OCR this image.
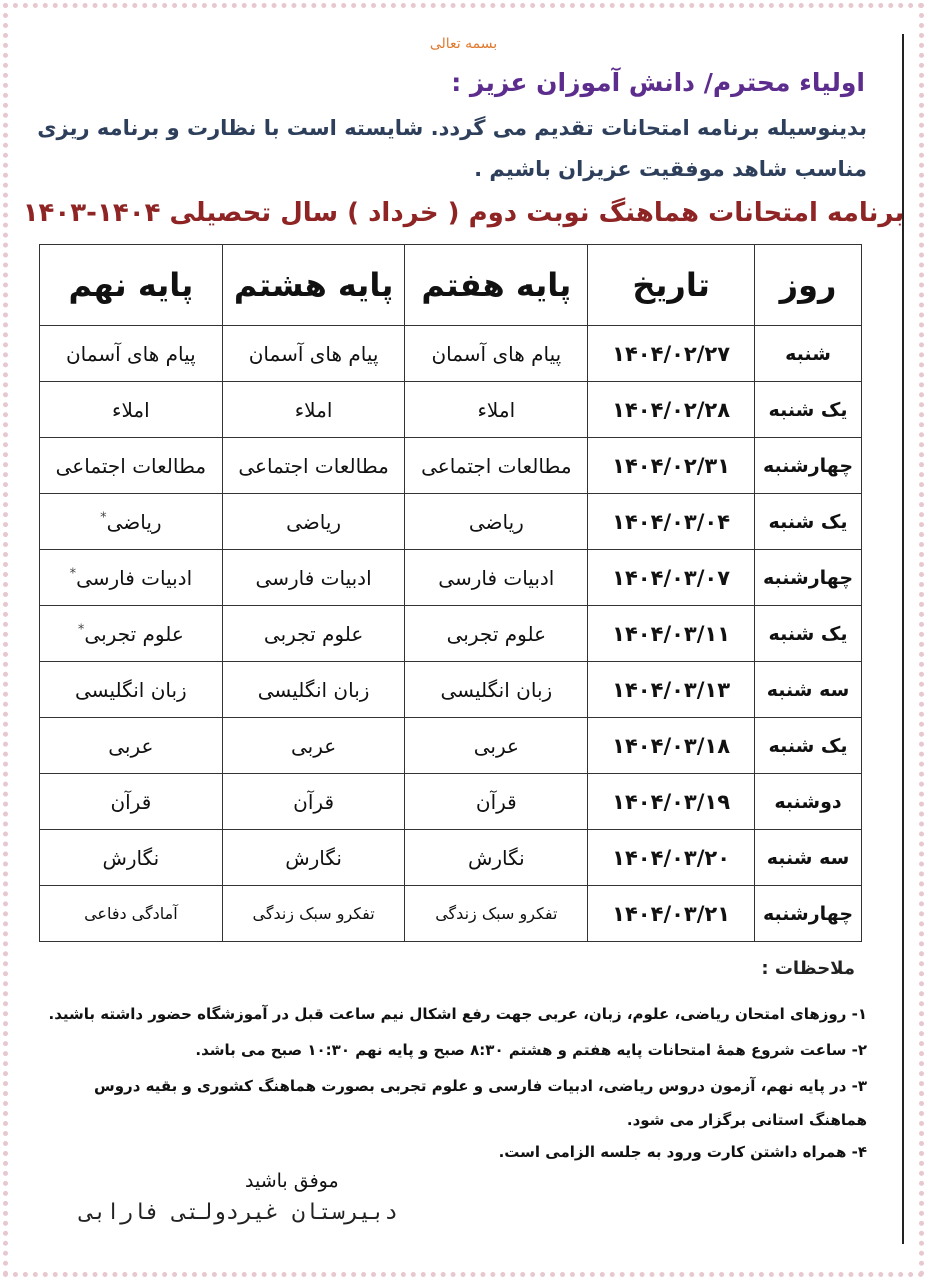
بسمه تعالی
اولیاء محترم/ دانش آموزان عزیز :
بدینوسیله برنامه امتحانات تقدیم می گردد. شایسته است با نظارت و برنامه ریزی
مناسب شاهد موفقیت عزیزان باشیم .
برنامه امتحانات هماهنگ نوبت دوم ( خرداد ) سال تحصیلی ۱۴۰۴-۱۴۰۳
روز	تاریخ	پایه هفتم	پایه هشتم	پایه نهم
شنبه	۱۴۰۴/۰۲/۲۷	پیام های آسمان	پیام های آسمان	پیام های آسمان
یک شنبه	۱۴۰۴/۰۲/۲۸	املاء	املاء	املاء
چهارشنبه	۱۴۰۴/۰۲/۳۱	مطالعات اجتماعی	مطالعات اجتماعی	مطالعات اجتماعی
یک شنبه	۱۴۰۴/۰۳/۰۴	ریاضی	ریاضی	ریاضی*
چهارشنبه	۱۴۰۴/۰۳/۰۷	ادبیات فارسی	ادبیات فارسی	ادبیات فارسی*
یک شنبه	۱۴۰۴/۰۳/۱۱	علوم تجربی	علوم تجربی	علوم تجربی*
سه شنبه	۱۴۰۴/۰۳/۱۳	زبان انگلیسی	زبان انگلیسی	زبان انگلیسی
یک شنبه	۱۴۰۴/۰۳/۱۸	عربی	عربی	عربی
دوشنبه	۱۴۰۴/۰۳/۱۹	قرآن	قرآن	قرآن
سه شنبه	۱۴۰۴/۰۳/۲۰	نگارش	نگارش	نگارش
چهارشنبه	۱۴۰۴/۰۳/۲۱	تفکرو سبک زندگی	تفکرو سبک زندگی	آمادگی دفاعی
ملاحظات :
۱- روزهای امتحان ریاضی، علوم، زبان، عربی جهت رفع اشکال نیم ساعت قبل در آموزشگاه حضور داشته باشید.
۲- ساعت شروع همۀ امتحانات پایه هفتم و هشتم ۸:۳۰ صبح و پایه نهم ۱۰:۳۰ صبح می باشد.
۳- در پایه نهم، آزمون دروس ریاضی، ادبیات فارسی و علوم تجربی بصورت هماهنگ کشوری و بقیه دروس
هماهنگ استانی برگزار می شود.
۴- همراه داشتن کارت ورود به جلسه الزامی است.
موفق باشید
دبیرستان غیردولتی فارابی
